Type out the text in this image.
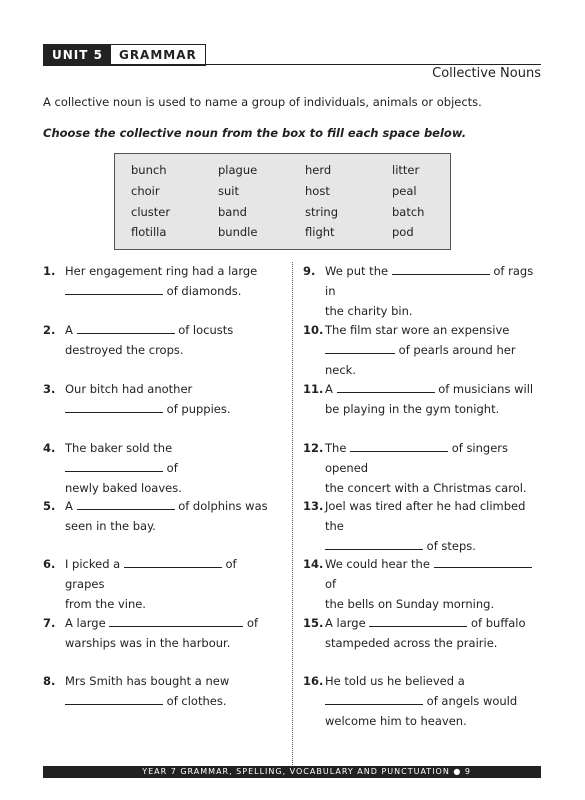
UNIT 5	GRAMMAR
Collective Nouns
A collective noun is used to name a group of individuals, animals or objects.
Choose the collective noun from the box to fill each space below.
bunch	plague	herd	litter
choir	suit	host	peal
cluster	band	string	batch
flotilla	bundle	flight	pod
1. Her engagement ring had a large
of diamonds.
2. A	of locusts
destroyed the crops.
3. Our bitch had another
of puppies.
4. The baker sold the  of
newly baked loaves.
5. A	of dolphins was
seen in the bay.
6. I picked a	of grapes
from the vine.
7. A large	of
warships was in the harbour.
8. Mrs Smith has bought a new
of clothes.
9. We put the	of rags in
the charity bin.
10. The film star wore an expensive
of pearls around her neck.
11. A	of musicians will
be playing in the gym tonight.
12. The	of singers opened
the concert with a Christmas carol.
13. Joel was tired after he had climbed the
of steps.
14. We could hear the  of
the bells on Sunday morning.
15. A large	of buffalo
stampeded across the prairie.
16. He told us he believed a
of angels would
welcome him to heaven.
YEAR 7 GRAMMAR, SPELLING, VOCABULARY AND PUNCTUATION ● 9
